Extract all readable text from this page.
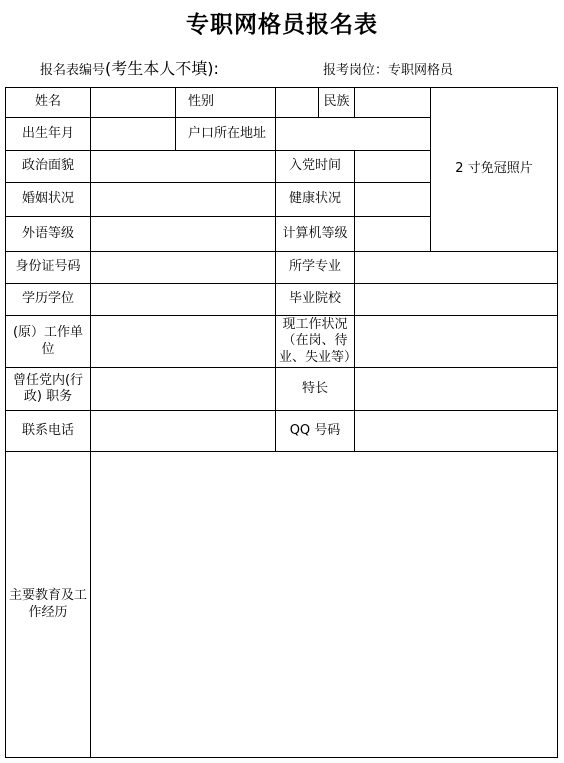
专职网格员报名表
报名表编号(考生本人不填):	报考岗位：专职网格员
姓名		性别		民族		2 寸免冠照片
出生年月		户口所在地址				
政治面貌			入党时间			
婚姻状况			健康状况			
外语等级			计算机等级			
身份证号码			所学专业			
学历学位			毕业院校			
(原）工作单位			现工作状况（在岗、待业、失业等）			
曾任党内(行政) 职务			特长			
联系电话			QQ 号码			
主要教育及工作经历						
